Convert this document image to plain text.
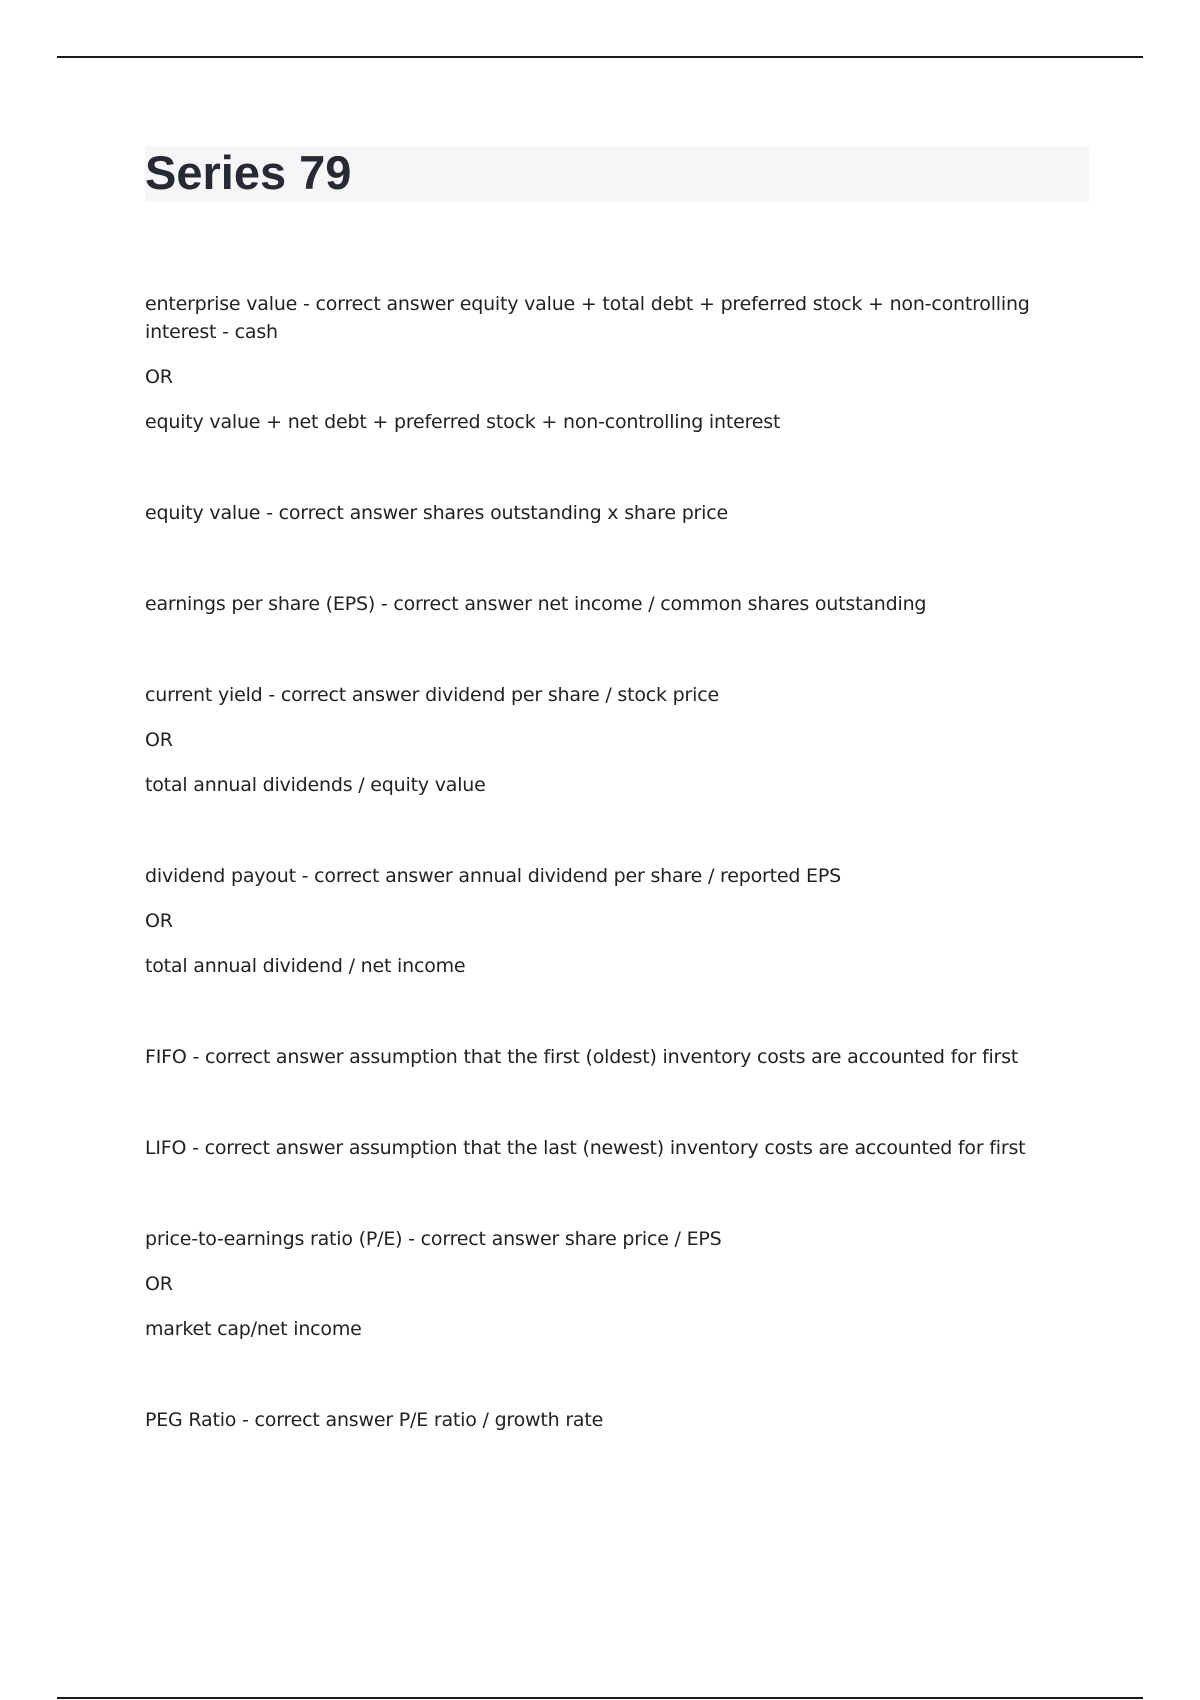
Series 79

enterprise value - correct answer equity value + total debt + preferred stock + non-controlling interest - cash

OR

equity value + net debt + preferred stock + non-controlling interest

equity value - correct answer shares outstanding x share price

earnings per share (EPS) - correct answer net income / common shares outstanding

current yield - correct answer dividend per share / stock price

OR

total annual dividends / equity value

dividend payout - correct answer annual dividend per share / reported EPS

OR

total annual dividend / net income

FIFO - correct answer assumption that the first (oldest) inventory costs are accounted for first

LIFO - correct answer assumption that the last (newest) inventory costs are accounted for first

price-to-earnings ratio (P/E) - correct answer share price / EPS

OR

market cap/net income

PEG Ratio - correct answer P/E ratio / growth rate
